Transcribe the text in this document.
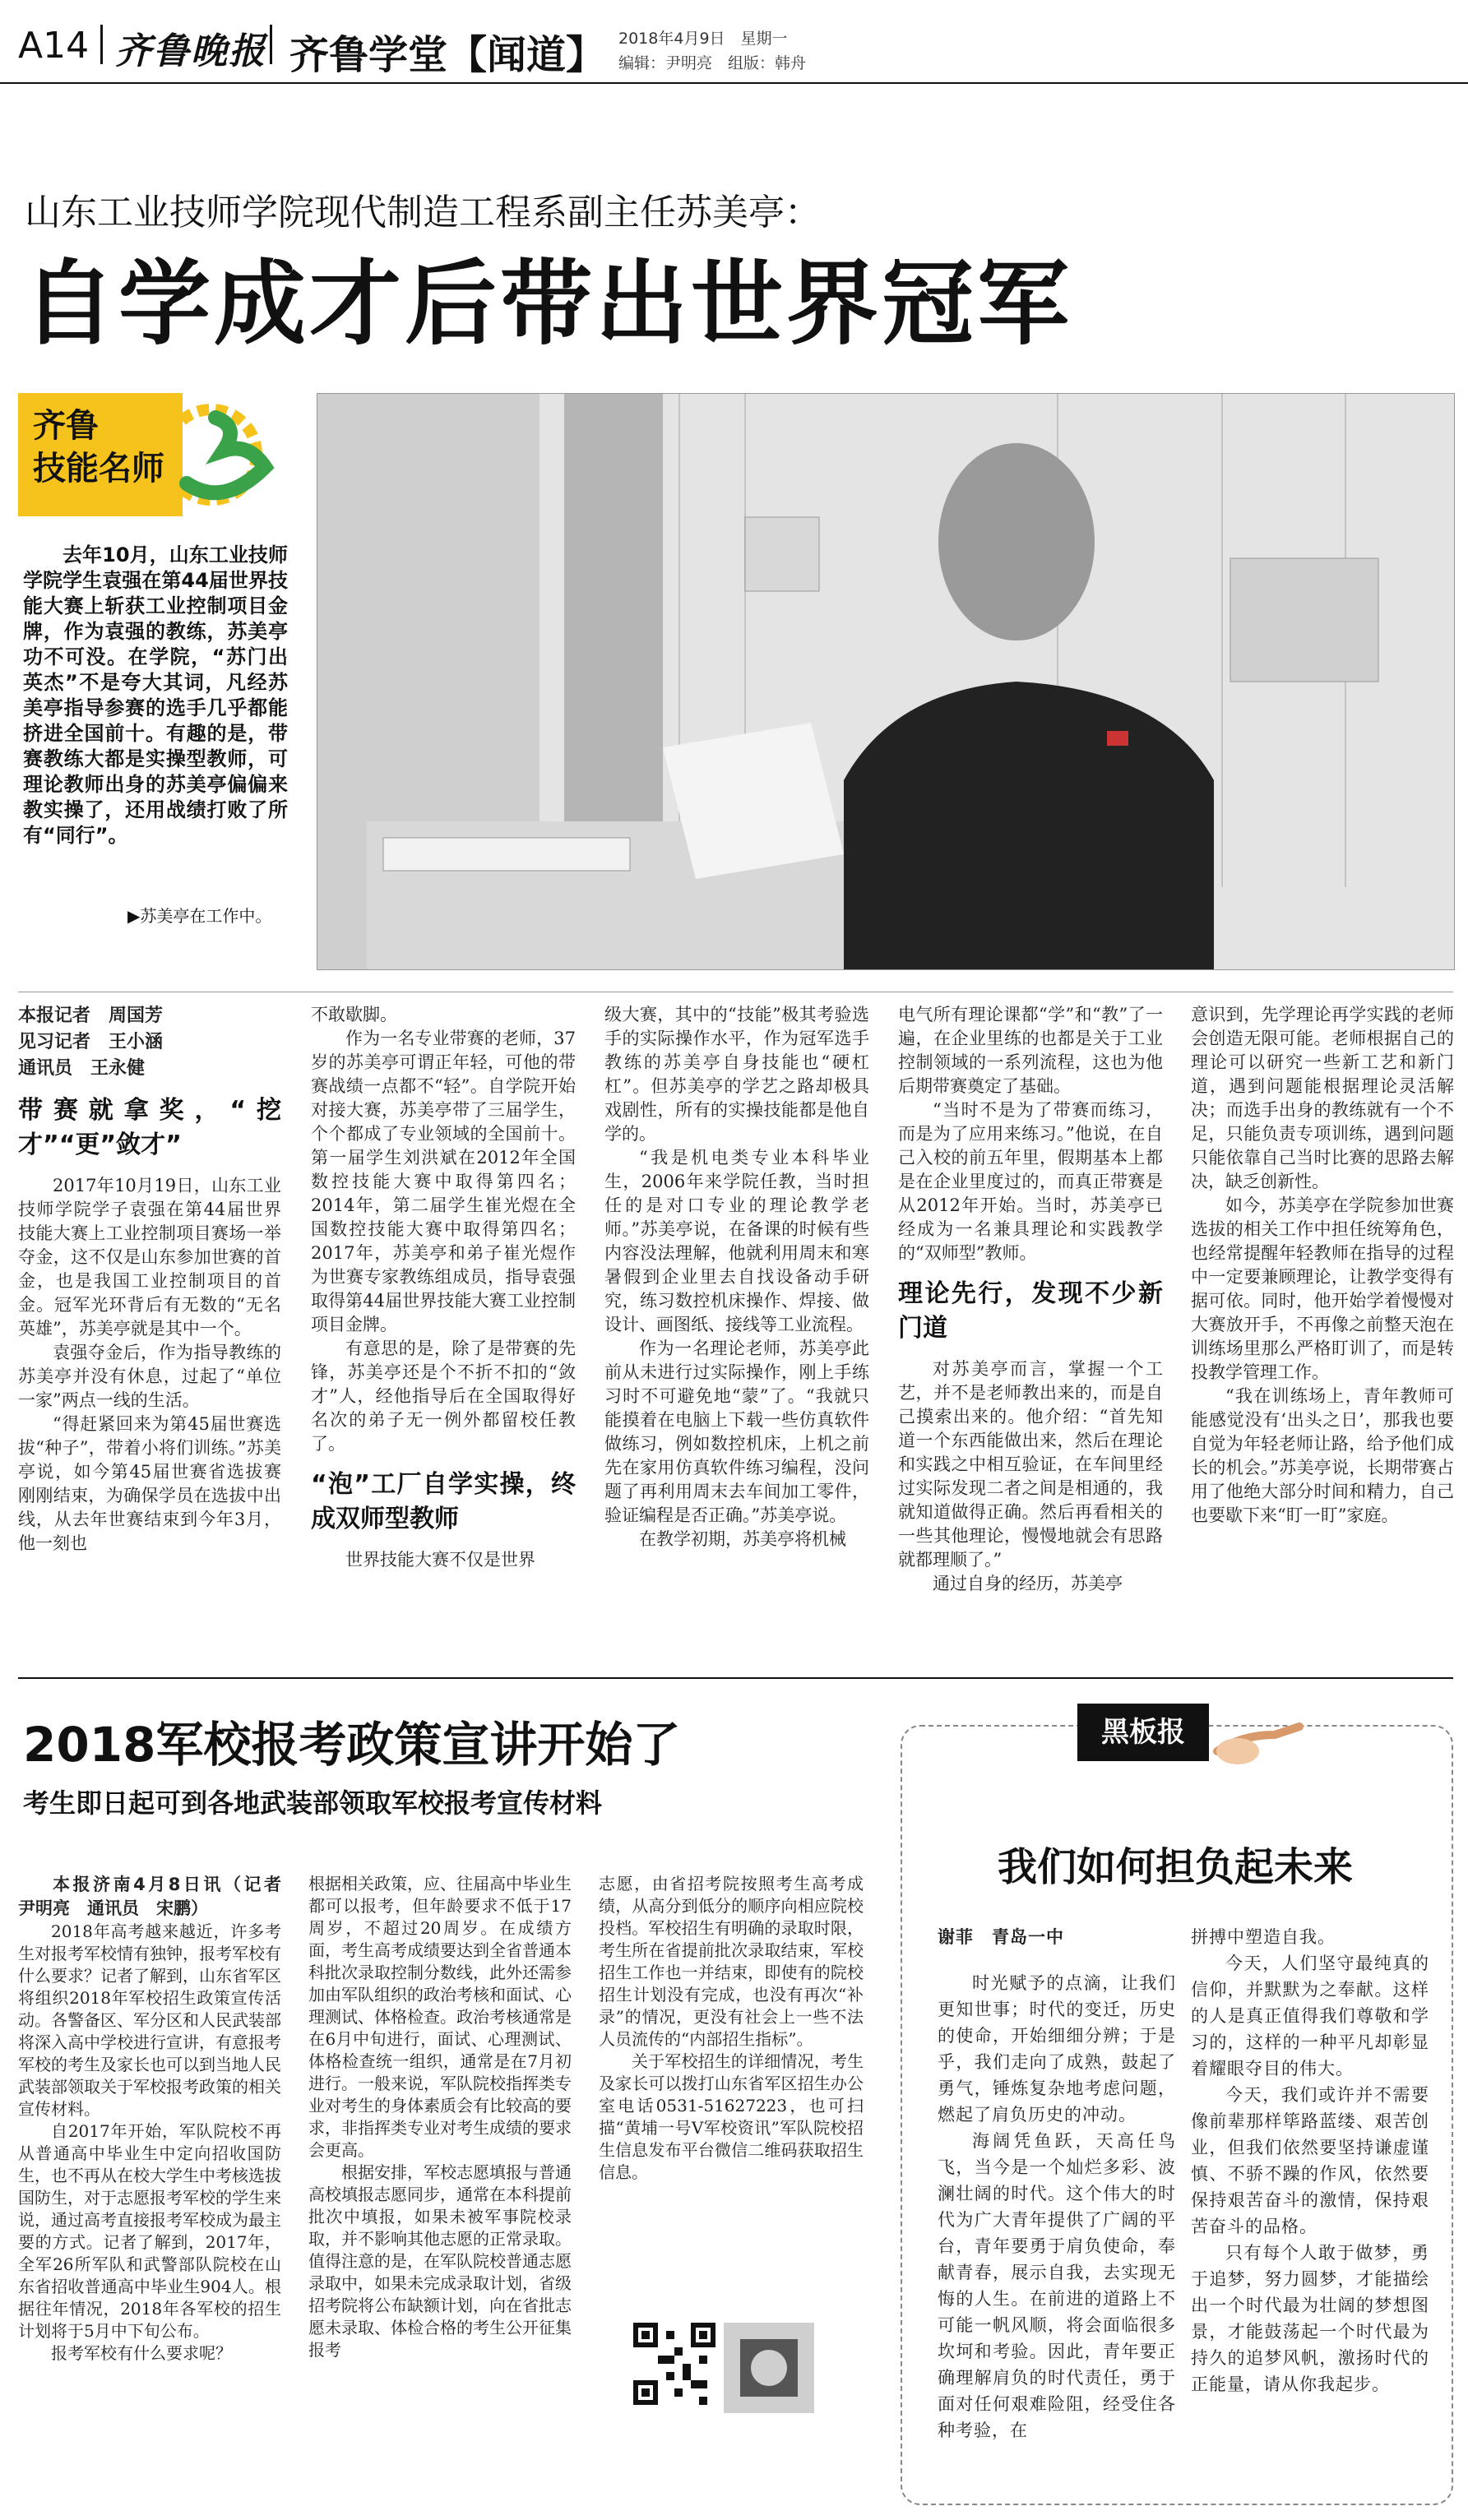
A14 齐鲁晚报 齐鲁学堂【闻道】 2018年4月9日　星期一
编辑：尹明亮　组版：韩舟
山东工业技师学院现代制造工程系副主任苏美亭：
自学成才后带出世界冠军
齐鲁
技能名师
去年10月，山东工业技师学院学生袁强在第44届世界技能大赛上斩获工业控制项目金牌，作为袁强的教练，苏美亭功不可没。在学院，“苏门出英杰”不是夸大其词，凡经苏美亭指导参赛的选手几乎都能挤进全国前十。有趣的是，带赛教练大都是实操型教师，可理论教师出身的苏美亭偏偏来教实操了，还用战绩打败了所有“同行”。
▶苏美亭在工作中。
本报记者　周国芳
见习记者　王小涵
通讯员　王永健
带赛就拿奖，“挖才”“更”敛才”

2017年10月19日，山东工业技师学院学子袁强在第44届世界技能大赛上工业控制项目赛场一举夺金，这不仅是山东参加世赛的首金，也是我国工业控制项目的首金。冠军光环背后有无数的“无名英雄”，苏美亭就是其中一个。

袁强夺金后，作为指导教练的苏美亭并没有休息，过起了“单位一家”两点一线的生活。

“得赶紧回来为第45届世赛选拔“种子”，带着小将们训练。”苏美亭说，如今第45届世赛省选拔赛刚刚结束，为确保学员在选拔中出线，从去年世赛结束到今年3月，他一刻也

不敢歇脚。

作为一名专业带赛的老师，37岁的苏美亭可谓正年轻，可他的带赛战绩一点都不“轻”。自学院开始对接大赛，苏美亭带了三届学生，个个都成了专业领域的全国前十。第一届学生刘洪斌在2012年全国数控技能大赛中取得第四名；2014年，第二届学生崔光煜在全国数控技能大赛中取得第四名；2017年，苏美亭和弟子崔光煜作为世赛专家教练组成员，指导袁强取得第44届世界技能大赛工业控制项目金牌。

有意思的是，除了是带赛的先锋，苏美亭还是个不折不扣的“敛才”人，经他指导后在全国取得好名次的弟子无一例外都留校任教了。

“泡”工厂自学实操，终成双师型教师

世界技能大赛不仅是世界

级大赛，其中的“技能”极其考验选手的实际操作水平，作为冠军选手教练的苏美亭自身技能也“硬杠杠”。但苏美亭的学艺之路却极具戏剧性，所有的实操技能都是他自学的。

“我是机电类专业本科毕业生，2006年来学院任教，当时担任的是对口专业的理论教学老师。”苏美亭说，在备课的时候有些内容没法理解，他就利用周末和寒暑假到企业里去自找设备动手研究，练习数控机床操作、焊接、做设计、画图纸、接线等工业流程。

作为一名理论老师，苏美亭此前从未进行过实际操作，刚上手练习时不可避免地“蒙”了。“我就只能摸着在电脑上下载一些仿真软件做练习，例如数控机床，上机之前先在家用仿真软件练习编程，没问题了再利用周末去车间加工零件，验证编程是否正确。”苏美亭说。

在教学初期，苏美亭将机械

电气所有理论课都“学”和“教”了一遍，在企业里练的也都是关于工业控制领域的一系列流程，这也为他后期带赛奠定了基础。

“当时不是为了带赛而练习，而是为了应用来练习。”他说，在自己入校的前五年里，假期基本上都是在企业里度过的，而真正带赛是从2012年开始。当时，苏美亭已经成为一名兼具理论和实践教学的“双师型”教师。

理论先行，发现不少新门道

对苏美亭而言，掌握一个工艺，并不是老师教出来的，而是自己摸索出来的。他介绍：“首先知道一个东西能做出来，然后在理论和实践之中相互验证，在车间里经过实际发现二者之间是相通的，我就知道做得正确。然后再看相关的一些其他理论，慢慢地就会有思路就都理顺了。”

通过自身的经历，苏美亭

意识到，先学理论再学实践的老师会创造无限可能。老师根据自己的理论可以研究一些新工艺和新门道，遇到问题能根据理论灵活解决；而选手出身的教练就有一个不足，只能负责专项训练，遇到问题只能依靠自己当时比赛的思路去解决，缺乏创新性。

如今，苏美亭在学院参加世赛选拔的相关工作中担任统筹角色，也经常提醒年轻教师在指导的过程中一定要兼顾理论，让教学变得有据可依。同时，他开始学着慢慢对大赛放开手，不再像之前整天泡在训练场里那么严格盯训了，而是转投教学管理工作。

“我在训练场上，青年教师可能感觉没有‘出头之日’，那我也要自觉为年轻老师让路，给予他们成长的机会。”苏美亭说，长期带赛占用了他绝大部分时间和精力，自己也要歇下来“盯一盯”家庭。

2018军校报考政策宣讲开始了
考生即日起可到各地武装部领取军校报考宣传材料
本报济南4月8日讯（记者　尹明亮　通讯员　宋鹏）

2018年高考越来越近，许多考生对报考军校情有独钟，报考军校有什么要求？记者了解到，山东省军区将组织2018年军校招生政策宣传活动。各警备区、军分区和人民武装部将深入高中学校进行宣讲，有意报考军校的考生及家长也可以到当地人民武装部领取关于军校报考政策的相关宣传材料。

自2017年开始，军队院校不再从普通高中毕业生中定向招收国防生，也不再从在校大学生中考核选拔国防生，对于志愿报考军校的学生来说，通过高考直接报考军校成为最主要的方式。记者了解到，2017年，全军26所军队和武警部队院校在山东省招收普通高中毕业生904人。根据往年情况，2018年各军校的招生计划将于5月中下旬公布。

报考军校有什么要求呢？

根据相关政策，应、往届高中毕业生都可以报考，但年龄要求不低于17周岁，不超过20周岁。在成绩方面，考生高考成绩要达到全省普通本科批次录取控制分数线，此外还需参加由军队组织的政治考核和面试、心理测试、体格检查。政治考核通常是在6月中旬进行，面试、心理测试、体格检查统一组织，通常是在7月初进行。一般来说，军队院校指挥类专业对考生的身体素质会有比较高的要求，非指挥类专业对考生成绩的要求会更高。

根据安排，军校志愿填报与普通高校填报志愿同步，通常在本科提前批次中填报，如果未被军事院校录取，并不影响其他志愿的正常录取。值得注意的是，在军队院校普通志愿录取中，如果未完成录取计划，省级招考院将公布缺额计划，向在省批志愿未录取、体检合格的考生公开征集报考

志愿，由省招考院按照考生高考成绩，从高分到低分的顺序向相应院校投档。军校招生有明确的录取时限，考生所在省提前批次录取结束，军校招生工作也一并结束，即使有的院校招生计划没有完成，也没有再次“补录”的情况，更没有社会上一些不法人员流传的“内部招生指标”。

关于军校招生的详细情况，考生及家长可以拨打山东省军区招生办公室电话0531-51627223，也可扫描“黄埔一号V军校资讯”军队院校招生信息发布平台微信二维码获取招生信息。

黑板报
我们如何担负起未来
谢菲　青岛一中

时光赋予的点滴，让我们更知世事；时代的变迁，历史的使命，开始细细分辨；于是乎，我们走向了成熟，鼓起了勇气，锤炼复杂地考虑问题，燃起了肩负历史的冲动。

海阔凭鱼跃，天高任鸟飞，当今是一个灿烂多彩、波澜壮阔的时代。这个伟大的时代为广大青年提供了广阔的平台，青年要勇于肩负使命，奉献青春，展示自我，去实现无悔的人生。在前进的道路上不可能一帆风顺，将会面临很多坎坷和考验。因此，青年要正确理解肩负的时代责任，勇于面对任何艰难险阻，经受住各种考验，在

拼搏中塑造自我。

今天，人们坚守最纯真的信仰，并默默为之奉献。这样的人是真正值得我们尊敬和学习的，这样的一种平凡却彰显着耀眼夺目的伟大。

今天，我们或许并不需要像前辈那样筚路蓝缕、艰苦创业，但我们依然要坚持谦虚谨慎、不骄不躁的作风，依然要保持艰苦奋斗的激情，保持艰苦奋斗的品格。

只有每个人敢于做梦，勇于追梦，努力圆梦，才能描绘出一个时代最为壮阔的梦想图景，才能鼓荡起一个时代最为持久的追梦风帆，激扬时代的正能量，请从你我起步。
